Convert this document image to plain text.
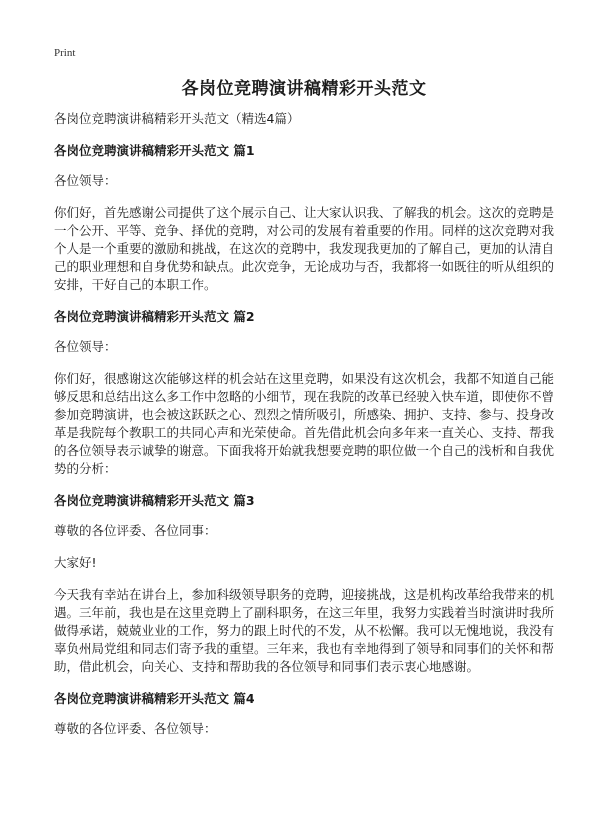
Print
各岗位竞聘演讲稿精彩开头范文
各岗位竞聘演讲稿精彩开头范文（精选4篇）
各岗位竞聘演讲稿精彩开头范文 篇1
各位领导：
你们好，首先感谢公司提供了这个展示自己、让大家认识我、了解我的机会。这次的竞聘是一个公开、平等、竞争、择优的竞聘，对公司的发展有着重要的作用。同样的这次竞聘对我个人是一个重要的激励和挑战，在这次的竞聘中，我发现我更加的了解自己，更加的认清自己的职业理想和自身优势和缺点。此次竞争，无论成功与否，我都将一如既往的听从组织的安排，干好自己的本职工作。
各岗位竞聘演讲稿精彩开头范文 篇2
各位领导：
你们好，很感谢这次能够这样的机会站在这里竞聘，如果没有这次机会，我都不知道自己能够反思和总结出这么多工作中忽略的小细节，现在我院的改革已经驶入快车道，即使你不曾参加竞聘演讲，也会被这跃跃之心、烈烈之情所吸引，所感染、拥护、支持、参与、投身改革是我院每个教职工的共同心声和光荣使命。首先借此机会向多年来一直关心、支持、帮我的各位领导表示诚挚的谢意。下面我将开始就我想要竞聘的职位做一个自己的浅析和自我优势的分析：
各岗位竞聘演讲稿精彩开头范文 篇3
尊敬的各位评委、各位同事：
大家好!
今天我有幸站在讲台上，参加科级领导职务的竞聘，迎接挑战，这是机构改革给我带来的机遇。三年前，我也是在这里竞聘上了副科职务，在这三年里，我努力实践着当时演讲时我所做得承诺，兢兢业业的工作，努力的跟上时代的不发，从不松懈。我可以无愧地说，我没有辜负州局党组和同志们寄予我的重望。三年来，我也有幸地得到了领导和同事们的关怀和帮助，借此机会，向关心、支持和帮助我的各位领导和同事们表示衷心地感谢。
各岗位竞聘演讲稿精彩开头范文 篇4
尊敬的各位评委、各位领导：
